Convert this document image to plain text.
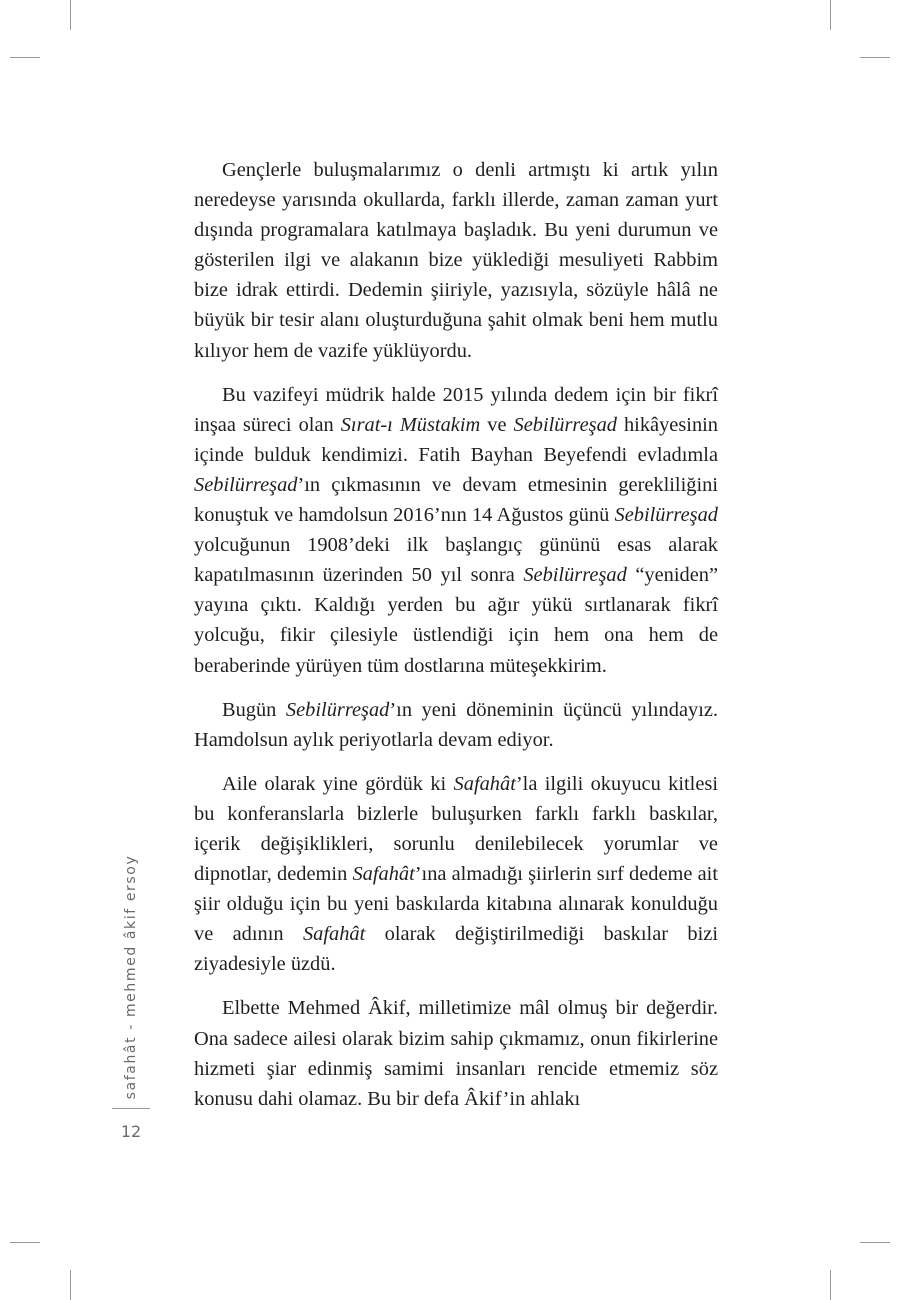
safahât - mehmed âkif ersoy
12

Gençlerle buluşmalarımız o denli artmıştı ki artık yılın neredeyse yarısında okullarda, farklı illerde, zaman zaman yurt dışında programalara katılmaya başladık. Bu yeni durumun ve gösterilen ilgi ve alakanın bize yüklediği mesuliyeti Rabbim bize idrak ettirdi. Dedemin şiiriyle, yazısıyla, sözüyle hâlâ ne büyük bir tesir alanı oluşturduğuna şahit olmak beni hem mutlu kılıyor hem de vazife yüklüyordu.

Bu vazifeyi müdrik halde 2015 yılında dedem için bir fikrî inşaa süreci olan Sırat-ı Müstakim ve Sebilürreşad hikâyesinin içinde bulduk kendimizi. Fatih Bayhan Beyefendi evladımla Sebilürreşad’ın çıkmasının ve devam etmesinin gerekliliğini konuştuk ve hamdolsun 2016’nın 14 Ağustos günü Sebilürreşad yolcuğunun 1908’deki ilk başlangıç gününü esas alarak kapatılmasının üzerinden 50 yıl sonra Sebilürreşad “yeniden” yayına çıktı. Kaldığı yerden bu ağır yükü sırtlanarak fikrî yolcuğu, fikir çilesiyle üstlendiği için hem ona hem de beraberinde yürüyen tüm dostlarına müteşekkirim.

Bugün Sebilürreşad’ın yeni döneminin üçüncü yılındayız. Hamdolsun aylık periyotlarla devam ediyor.

Aile olarak yine gördük ki Safahât’la ilgili okuyucu kitlesi bu konferanslarla bizlerle buluşurken farklı farklı baskılar, içerik değişiklikleri, sorunlu denilebilecek yorumlar ve dipnotlar, dedemin Safahât’ına almadığı şiirlerin sırf dedeme ait şiir olduğu için bu yeni baskılarda kitabına alınarak konulduğu ve adının Safahât olarak değiştirilmediği baskılar bizi ziyadesiyle üzdü.

Elbette Mehmed Âkif, milletimize mâl olmuş bir değerdir. Ona sadece ailesi olarak bizim sahip çıkmamız, onun fikirlerine hizmeti şiar edinmiş samimi insanları rencide etmemiz söz konusu dahi olamaz. Bu bir defa Âkif’in ahlakı
